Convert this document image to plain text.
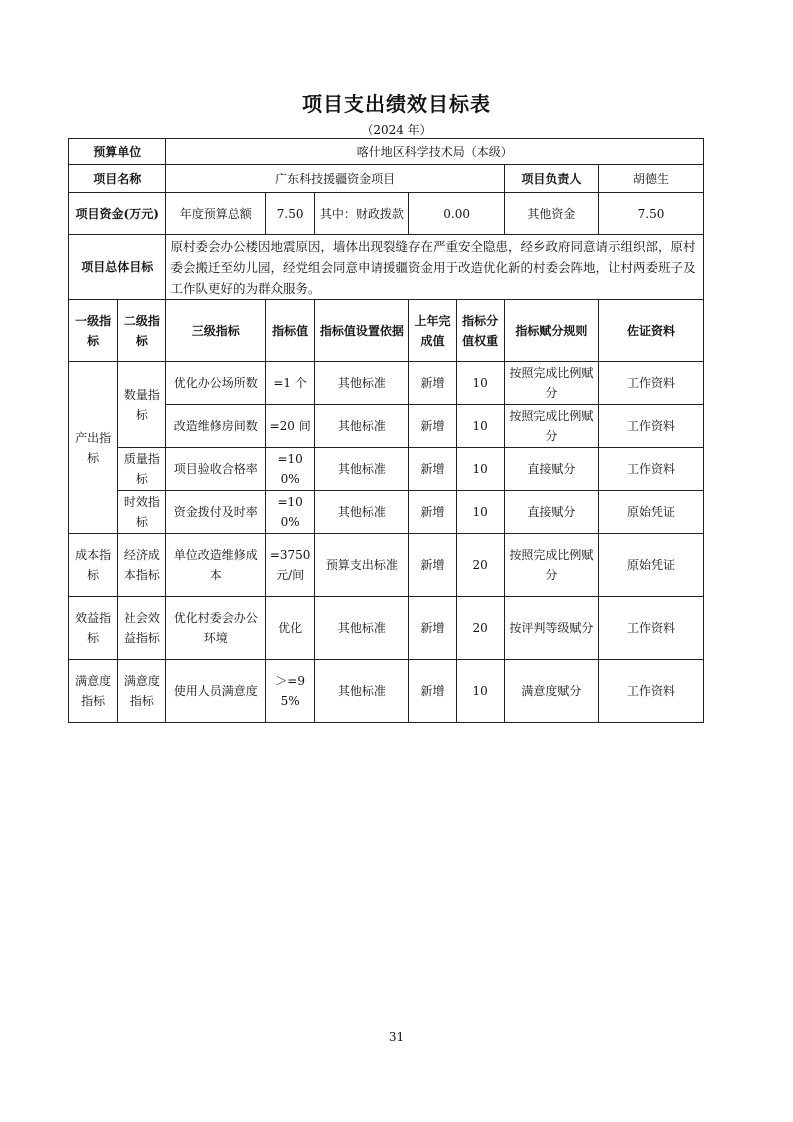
项目支出绩效目标表
（2024 年）
预算单位		喀什地区科学技术局（本级）						
项目名称		广东科技援疆资金项目					项目负责人	胡德生
项目资金(万元)		年度预算总额	7.50	其中：财政拨款	0.00		其他资金	7.50
项目总体目标		原村委会办公楼因地震原因，墙体出现裂缝存在严重安全隐患，经乡政府同意请示组织部，原村委会搬迁至幼儿园，经党组会同意申请援疆资金用于改造优化新的村委会阵地，让村两委班子及工作队更好的为群众服务。						
一级指标	二级指标	三级指标	指标值	指标值设置依据	上年完成值	指标分值权重	指标赋分规则	佐证资料
产出指标	数量指标	优化办公场所数	=1 个	其他标准	新增	10	按照完成比例赋分	工作资料
		改造维修房间数	=20 间	其他标准	新增	10	按照完成比例赋分	工作资料
	质量指标	项目验收合格率	=100%	其他标准	新增	10	直接赋分	工作资料
	时效指标	资金拨付及时率	=100%	其他标准	新增	10	直接赋分	原始凭证
成本指标	经济成本指标	单位改造维修成本	=3750 元/间	预算支出标准	新增	20	按照完成比例赋分	原始凭证
效益指标	社会效益指标	优化村委会办公环境	优化	其他标准	新增	20	按评判等级赋分	工作资料
满意度指标	满意度指标	使用人员满意度	＞=95%	其他标准	新增	10	满意度赋分	工作资料
31
